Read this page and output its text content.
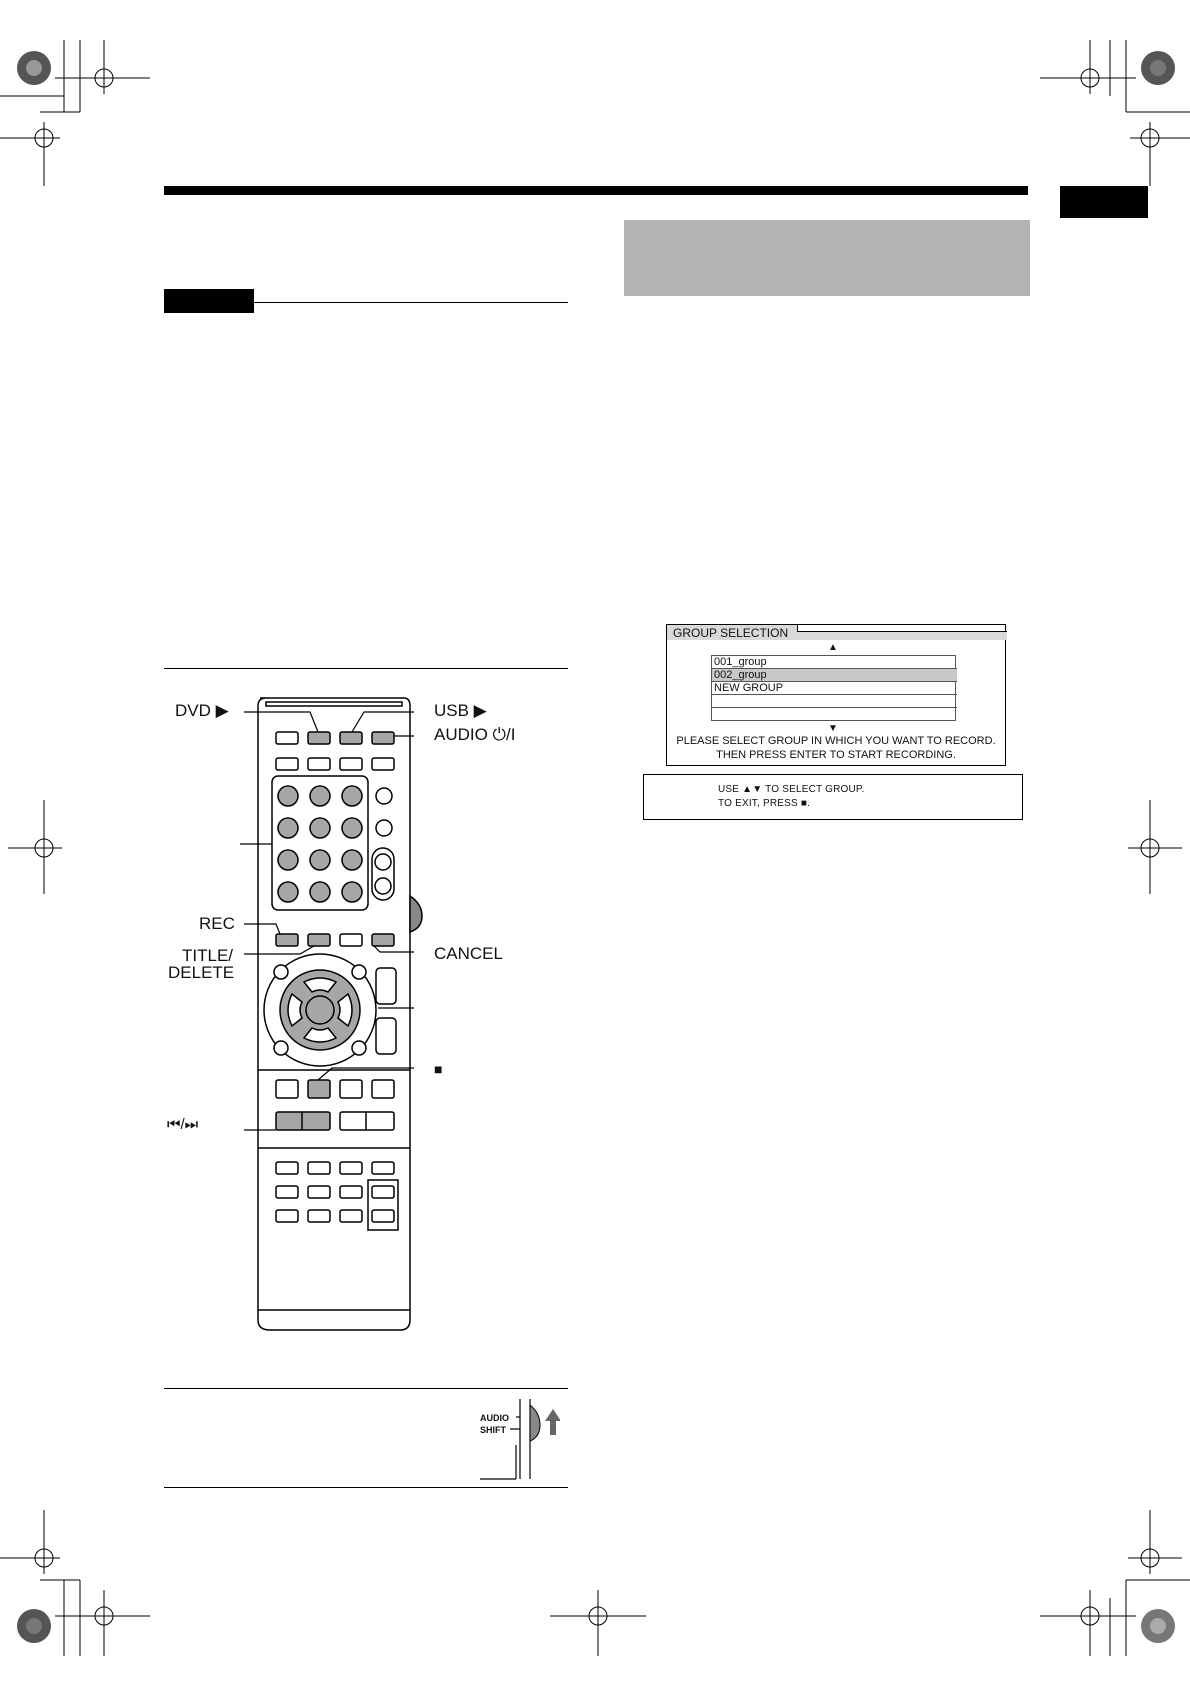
DVD ▶	USB ▶
AUDIO ⏻/I
REC
TITLE/
DELETE
CANCEL
■
⏮/⏭
AUDIO
SHIFT
GROUP SELECTION
▲
001_group
002_group
NEW GROUP
▼
PLEASE SELECT GROUP IN WHICH YOU WANT TO RECORD.
THEN PRESS ENTER TO START RECORDING.
USE ▲▼ TO SELECT GROUP.
TO EXIT, PRESS ■.
